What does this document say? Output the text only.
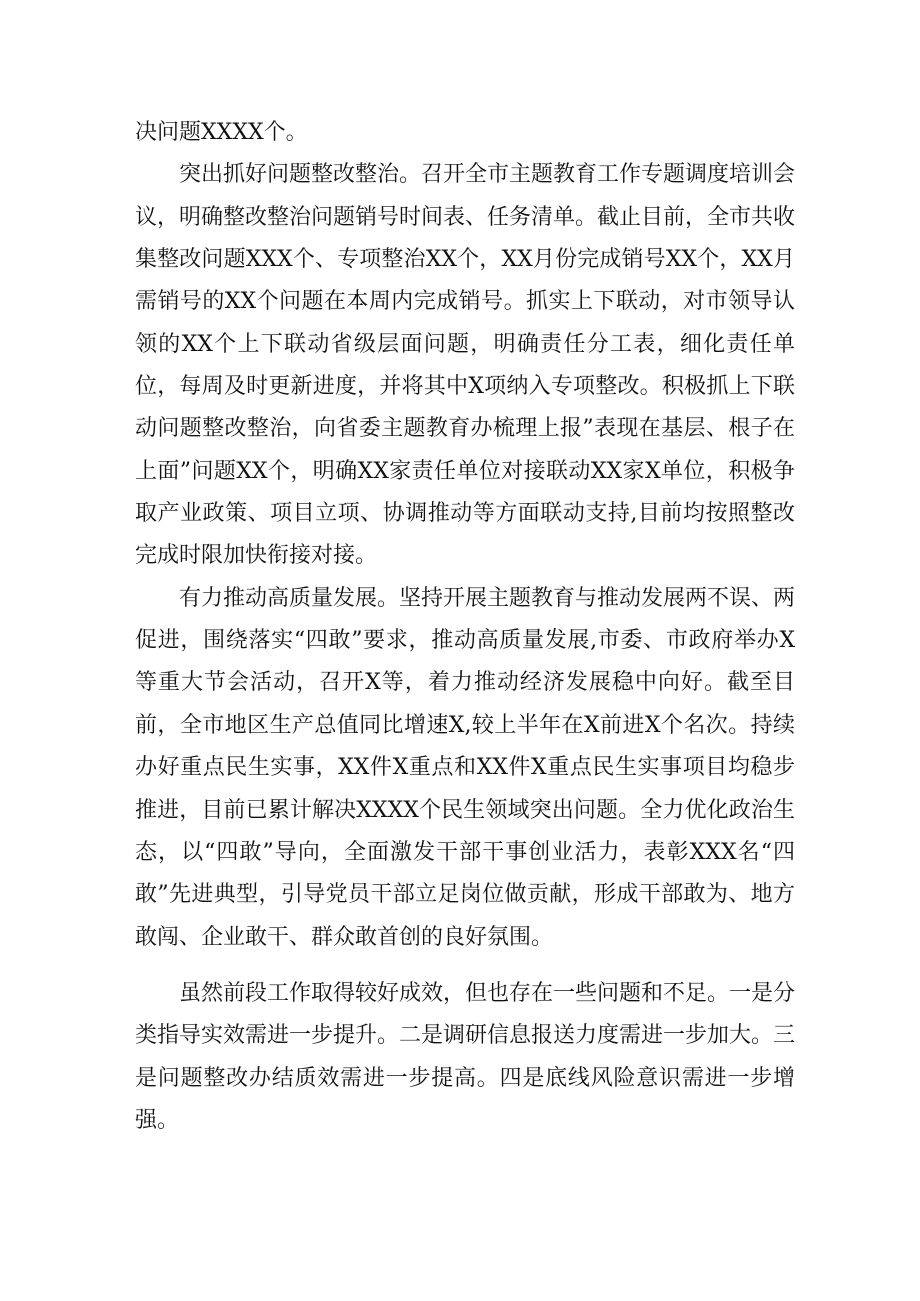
决问题XXXX个。

突出抓好问题整改整治。召开全市主题教育工作专题调度培训会议，明确整改整治问题销号时间表、任务清单。截止目前，全市共收集整改问题XXX个、专项整治XX个，XX月份完成销号XX个，XX月需销号的XX个问题在本周内完成销号。抓实上下联动，对市领导认领的XX个上下联动省级层面问题，明确责任分工表，细化责任单位，每周及时更新进度，并将其中X项纳入专项整改。积极抓上下联动问题整改整治，向省委主题教育办梳理上报”表现在基层、根子在上面”问题XX个，明确XX家责任单位对接联动XX家X单位，积极争取产业政策、项目立项、协调推动等方面联动支持,目前均按照整改完成时限加快衔接对接。

有力推动高质量发展。坚持开展主题教育与推动发展两不误、两促进，围绕落实“四敢”要求，推动高质量发展,市委、市政府举办X等重大节会活动，召开X等，着力推动经济发展稳中向好。截至目前，全市地区生产总值同比增速X,较上半年在X前进X个名次。持续办好重点民生实事，XX件X重点和XX件X重点民生实事项目均稳步推进，目前已累计解决XXXX个民生领域突出问题。全力优化政治生态，以“四敢”导向，全面激发干部干事创业活力，表彰XXX名“四敢”先进典型，引导党员干部立足岗位做贡献，形成干部敢为、地方敢闯、企业敢干、群众敢首创的良好氛围。

虽然前段工作取得较好成效，但也存在一些问题和不足。一是分类指导实效需进一步提升。二是调研信息报送力度需进一步加大。三是问题整改办结质效需进一步提高。四是底线风险意识需进一步增强。
